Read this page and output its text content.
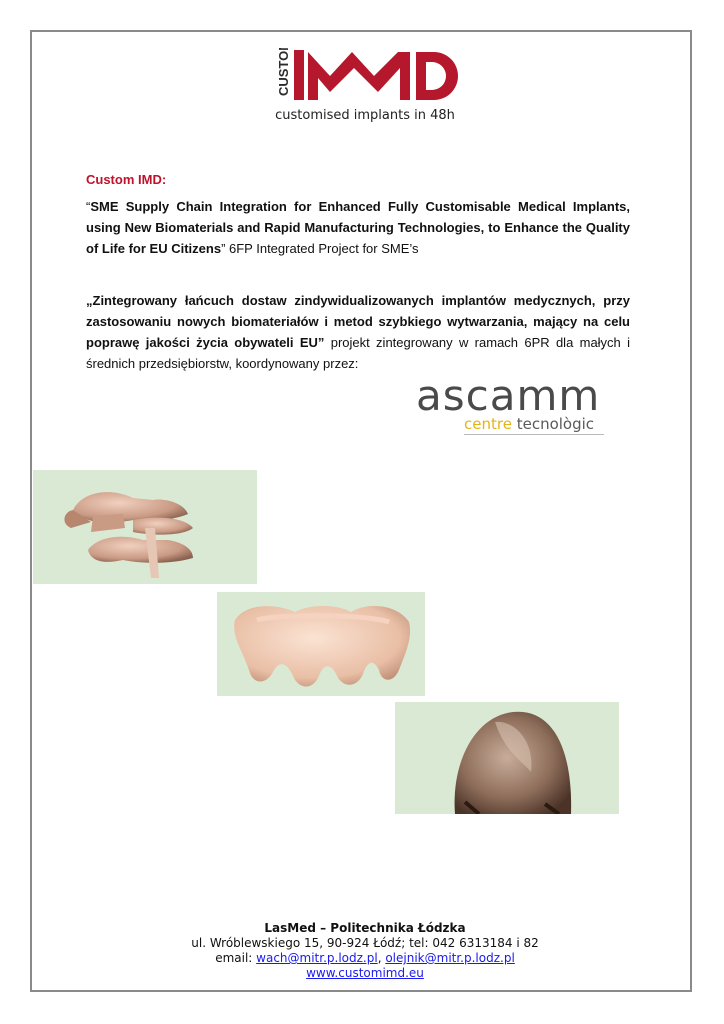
CUSTOM
customised implants in 48h
Custom IMD:
“SME Supply Chain Integration for Enhanced Fully Customisable Medical Implants, using New Biomaterials and Rapid Manufacturing Technologies, to Enhance the Quality of Life for EU Citizens” 6FP Integrated Project for SME’s
„Zintegrowany łańcuch dostaw zindywidualizowanych implantów medycznych, przy zastosowaniu nowych biomateriałów i metod szybkiego wytwarzania, mający na celu poprawę jakości życia obywateli EU” projekt zintegrowany w ramach 6PR dla małych i średnich przedsiębiorstw, koordynowany przez:
ascamm
centre tecnològic
LasMed – Politechnika Łódzka
ul. Wróblewskiego 15, 90-924 Łódź; tel: 042 6313184 i 82
email: wach@mitr.p.lodz.pl, olejnik@mitr.p.lodz.pl
www.customimd.eu
